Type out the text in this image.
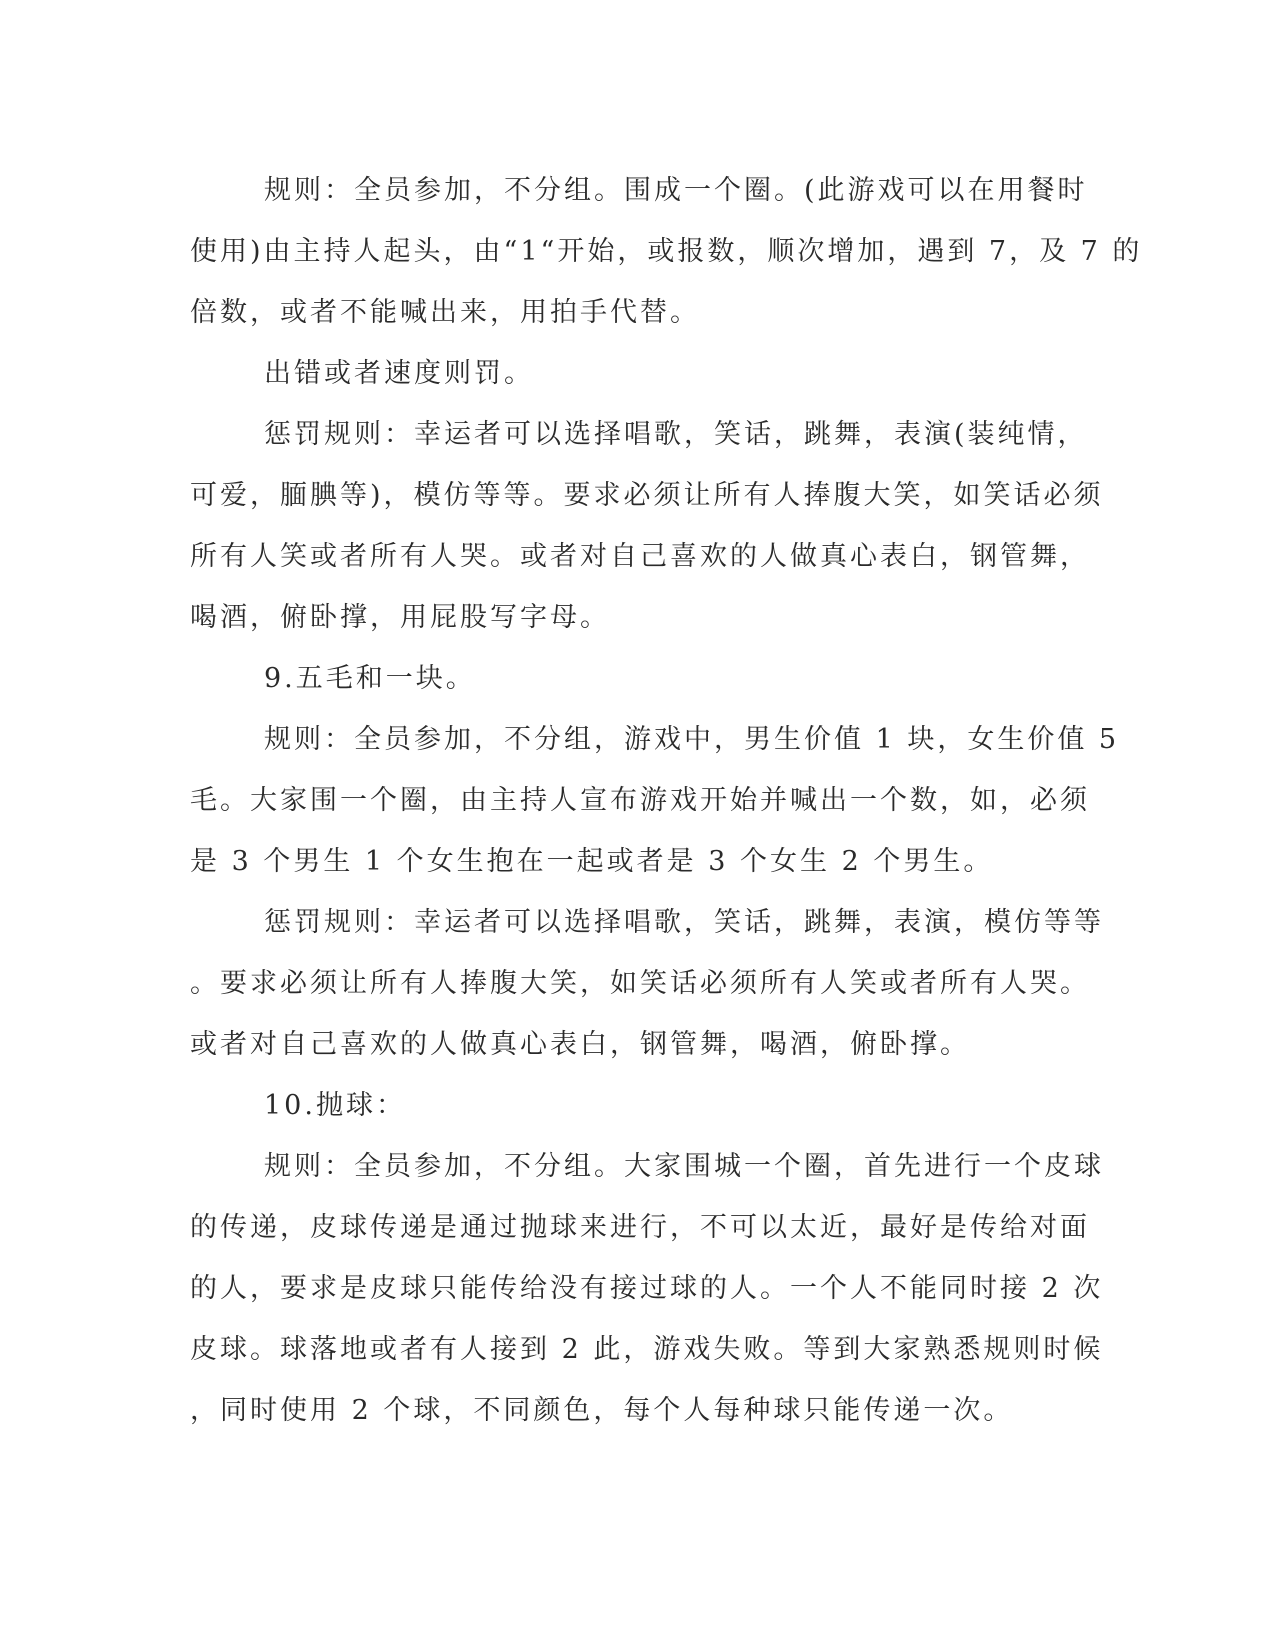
规则：全员参加，不分组。围成一个圈。(此游戏可以在用餐时
使用)由主持人起头，由“1“开始，或报数，顺次增加，遇到 7，及 7 的
倍数，或者不能喊出来，用拍手代替。
出错或者速度则罚。
惩罚规则：幸运者可以选择唱歌，笑话，跳舞，表演(装纯情，
可爱，腼腆等)，模仿等等。要求必须让所有人捧腹大笑，如笑话必须
所有人笑或者所有人哭。或者对自己喜欢的人做真心表白，钢管舞，
喝酒，俯卧撑，用屁股写字母。
9.五毛和一块。
规则：全员参加，不分组，游戏中，男生价值 1 块，女生价值 5
毛。大家围一个圈，由主持人宣布游戏开始并喊出一个数，如，必须
是 3 个男生 1 个女生抱在一起或者是 3 个女生 2 个男生。
惩罚规则：幸运者可以选择唱歌，笑话，跳舞，表演，模仿等等
。要求必须让所有人捧腹大笑，如笑话必须所有人笑或者所有人哭。
或者对自己喜欢的人做真心表白，钢管舞，喝酒，俯卧撑。
10.抛球：
规则：全员参加，不分组。大家围城一个圈，首先进行一个皮球
的传递，皮球传递是通过抛球来进行，不可以太近，最好是传给对面
的人，要求是皮球只能传给没有接过球的人。一个人不能同时接 2 次
皮球。球落地或者有人接到 2 此，游戏失败。等到大家熟悉规则时候
，同时使用 2 个球，不同颜色，每个人每种球只能传递一次。
